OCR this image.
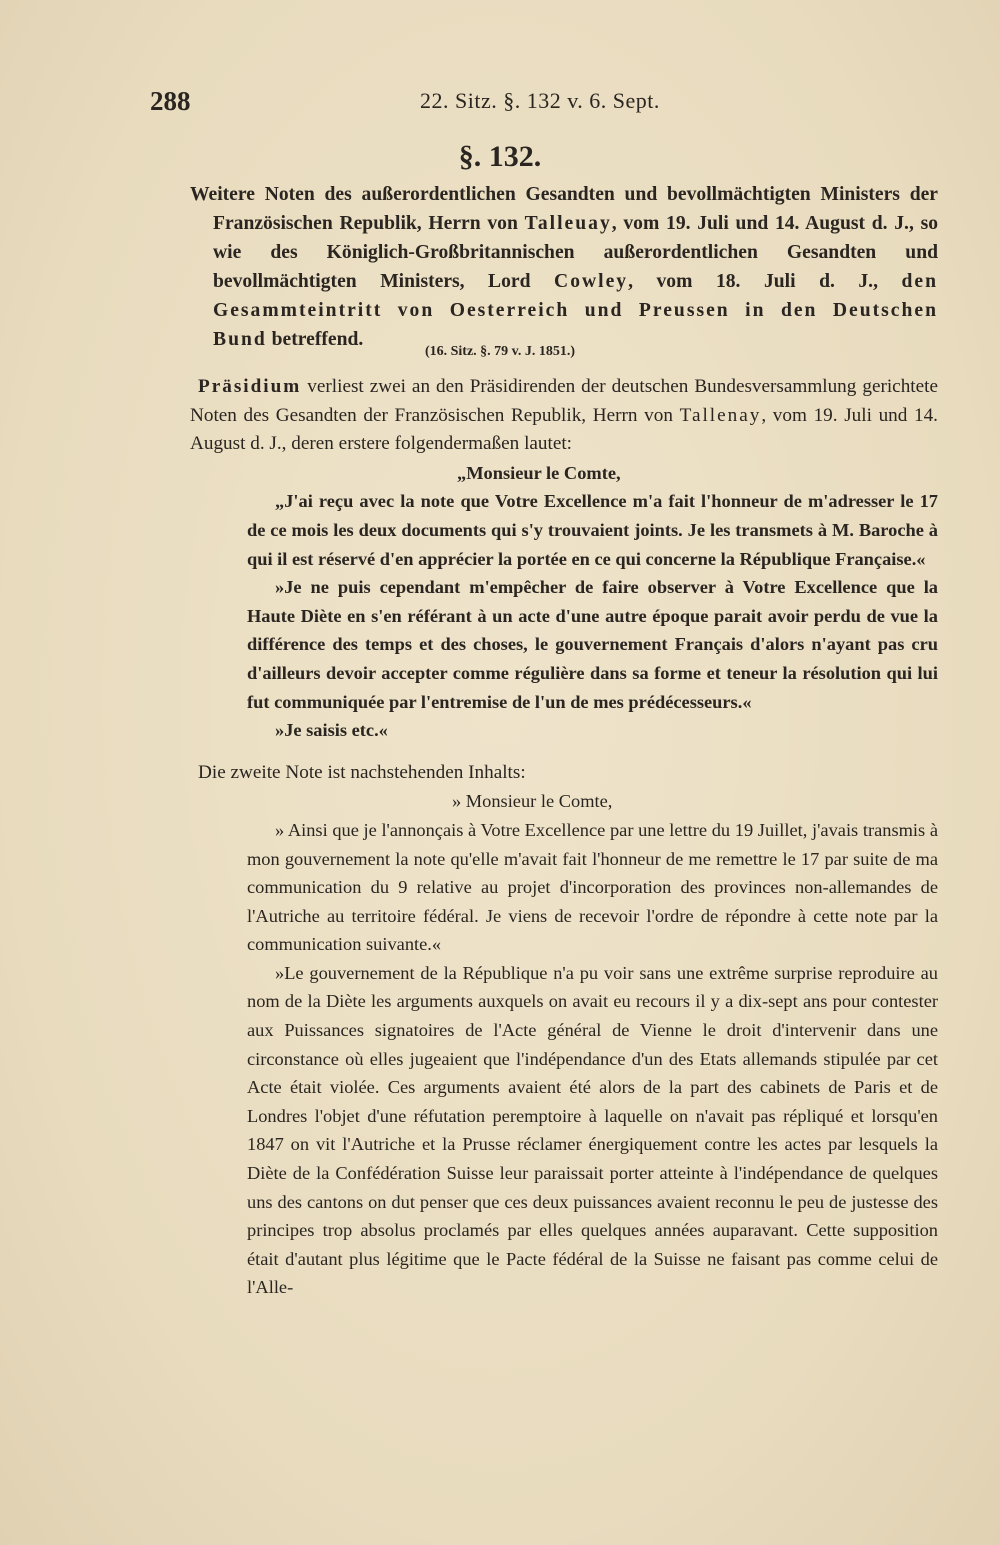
288	22. Sitz. §. 132 v. 6. Sept.
§. 132.

Weitere Noten des außerordentlichen Gesandten und bevollmächtigten Ministers der Französischen Republik, Herrn von Talleuay, vom 19. Juli und 14. August d. J., so wie des Königlich-Großbritannischen außerordentlichen Gesandten und bevollmächtigten Ministers, Lord Cowley, vom 18. Juli d. J., den Gesammteintritt von Oesterreich und Preussen in den Deutschen Bund betreffend.

(16. Sitz. §. 79 v. J. 1851.)

Präsidium verliest zwei an den Präsidirenden der deutschen Bundesversammlung gerichtete Noten des Gesandten der Französischen Republik, Herrn von Tallenay, vom 19. Juli und 14. August d. J., deren erstere folgendermaßen lautet:

„Monsieur le Comte,

„J'ai reçu avec la note que Votre Excellence m'a fait l'honneur de m'adresser le 17 de ce mois les deux documents qui s'y trouvaient joints. Je les transmets à M. Baroche à qui il est réservé d'en apprécier la portée en ce qui concerne la République Française.«

»Je ne puis cependant m'empêcher de faire observer à Votre Excellence que la Haute Diète en s'en référant à un acte d'une autre époque parait avoir perdu de vue la différence des temps et des choses, le gouvernement Français d'alors n'ayant pas cru d'ailleurs devoir accepter comme régulière dans sa forme et teneur la résolution qui lui fut communiquée par l'entremise de l'un de mes prédécesseurs.«

»Je saisis etc.«

Die zweite Note ist nachstehenden Inhalts:

» Monsieur le Comte,

» Ainsi que je l'annonçais à Votre Excellence par une lettre du 19 Juillet, j'avais transmis à mon gouvernement la note qu'elle m'avait fait l'honneur de me remettre le 17 par suite de ma communication du 9 relative au projet d'incorporation des provinces non-allemandes de l'Autriche au territoire fédéral. Je viens de recevoir l'ordre de répondre à cette note par la communication suivante.«

»Le gouvernement de la République n'a pu voir sans une extrême surprise reproduire au nom de la Diète les arguments auxquels on avait eu recours il y a dix-sept ans pour contester aux Puissances signatoires de l'Acte général de Vienne le droit d'intervenir dans une circonstance où elles jugeaient que l'indépendance d'un des Etats allemands stipulée par cet Acte était violée. Ces arguments avaient été alors de la part des cabinets de Paris et de Londres l'objet d'une réfutation peremptoire à laquelle on n'avait pas répliqué et lorsqu'en 1847 on vit l'Autriche et la Prusse réclamer énergiquement contre les actes par lesquels la Diète de la Confédération Suisse leur paraissait porter atteinte à l'indépendance de quelques uns des cantons on dut penser que ces deux puissances avaient reconnu le peu de justesse des principes trop absolus proclamés par elles quelques années auparavant. Cette supposition était d'autant plus légitime que le Pacte fédéral de la Suisse ne faisant pas comme celui de l'Alle-
